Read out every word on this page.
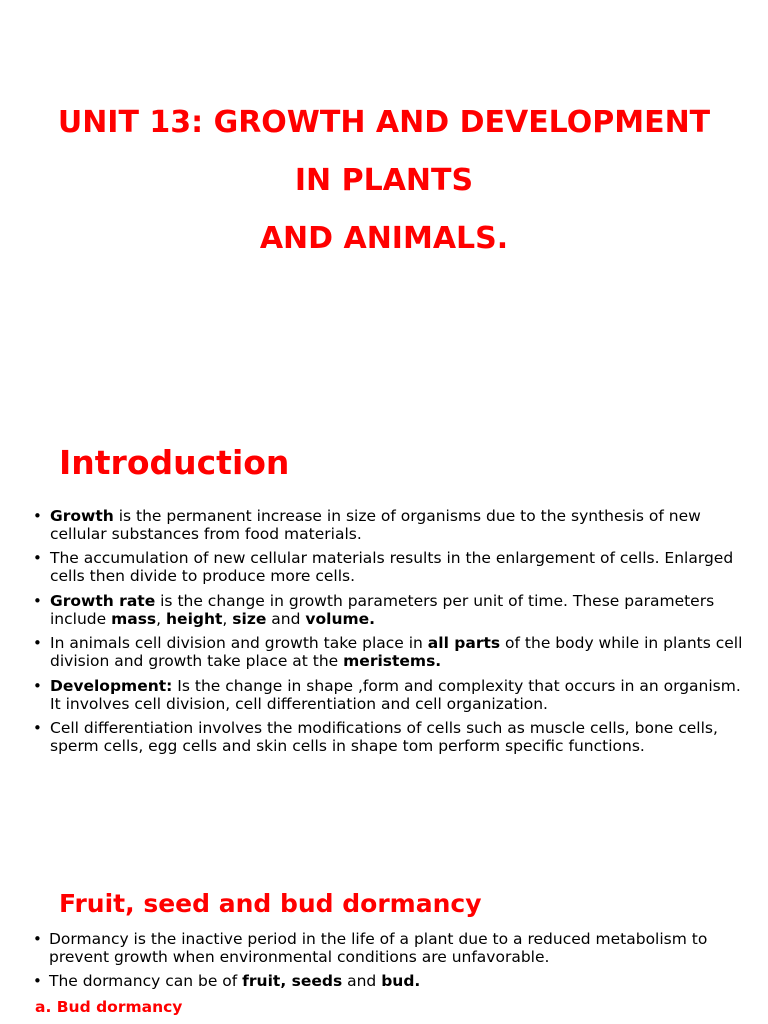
UNIT 13: GROWTH AND DEVELOPMENT
IN PLANTS
AND ANIMALS.
Introduction
• Growth is the permanent increase in size of organisms due to the synthesis of new cellular substances from food materials.
• The accumulation of new cellular materials results in the enlargement of cells. Enlarged cells then divide to produce more cells.
• Growth rate is the change in growth parameters per unit of time. These parameters include mass, height, size and volume.
• In animals cell division and growth take place in all parts of the body while in plants cell division and growth take place at the meristems.
• Development: Is the change in shape ,form and complexity that occurs in an organism. It involves cell division, cell differentiation and cell organization.
• Cell differentiation involves the modifications of cells such as muscle cells, bone cells, sperm cells, egg cells and skin cells in shape tom perform specific functions.
Fruit, seed and bud dormancy
• Dormancy is the inactive period in the life of a plant due to a reduced metabolism to prevent growth when environmental conditions are unfavorable.
• The dormancy can be of fruit, seeds and bud.
a. Bud dormancy
